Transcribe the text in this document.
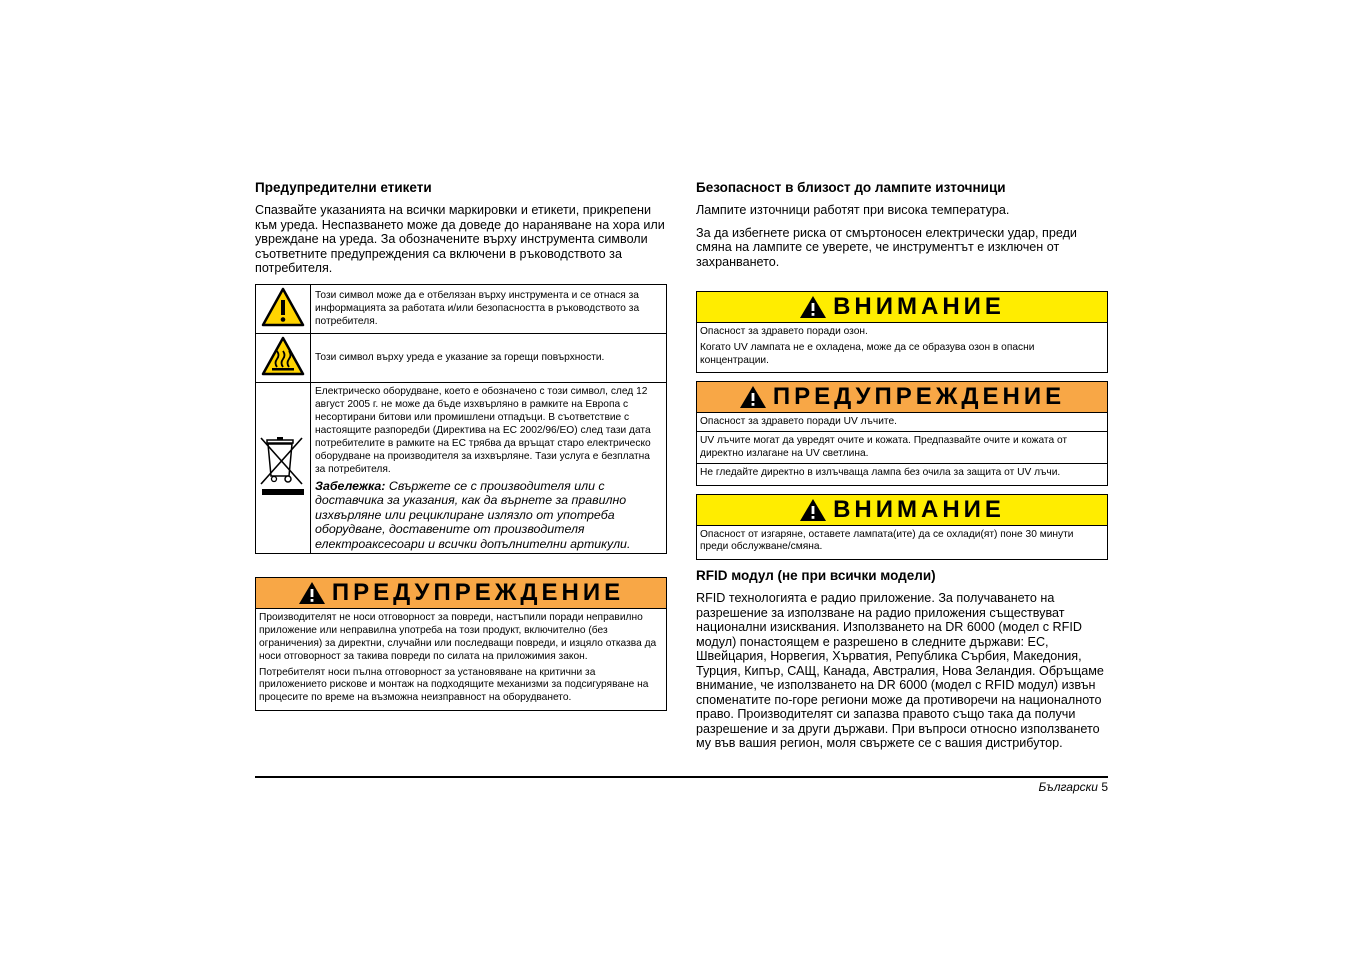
Предупредителни етикети

Спазвайте указанията на всички маркировки и етикети, прикрепени към уреда. Неспазването може да доведе до нараняване на хора или увреждане на уреда. За обозначените върху инструмента символи съответните предупреждения са включени в ръководството за потребителя.

	Този символ може да е отбелязан върху инструмента и се отнася за информацията за работата и/или безопасността в ръководството за потребителя.
	Този символ върху уреда е указание за горещи повърхности.

Електрическо оборудване, което е обозначено с този символ, след 12 август 2005 г. не може да бъде изхвърляно в рамките на Европа с несортирани битови или промишлени отпадъци. В съответствие с настоящите разпоредби (Директива на ЕС 2002/96/EO) след тази дата потребителите в рамките на ЕС трябва да връщат старо електрическо оборудване на производителя за изхвърляне. Тази услуга е безплатна за потребителя.
Забележка: Свържете се с производителя или с доставчика за указания, как да върнете за правилно изхвърляне или рециклиране излязло от употреба оборудване, доставените от производителя електроаксесоари и всички допълнителни артикули.
ПРЕДУПРЕЖДЕНИЕ

Производителят не носи отговорност за повреди, настъпили поради неправилно приложение или неправилна употреба на този продукт, включително (без ограничения) за директни, случайни или последващи повреди, и изцяло отказва да носи отговорност за такива повреди по силата на приложимия закон.

Потребителят носи пълна отговорност за установяване на критични за приложението рискове и монтаж на подходящите механизми за подсигуряване на процесите по време на възможна неизправност на оборудването.

Безопасност в близост до лампите източници

Лампите източници работят при висока температура.

За да избегнете риска от смъртоносен електрически удар, преди смяна на лампите се уверете, че инструментът е изключен от захранването.

ВНИМАНИЕ

Опасност за здравето поради озон.

Когато UV лампата не е охладена, може да се образува озон в опасни концентрации.

ПРЕДУПРЕЖДЕНИЕ

Опасност за здравето поради UV лъчите.

UV лъчите могат да увредят очите и кожата. Предпазвайте очите и кожата от директно излагане на UV светлина.

Не гледайте директно в излъчваща лампа без очила за защита от UV лъчи.

ВНИМАНИЕ

Опасност от изгаряне, оставете лампата(ите) да се охлади(ят) поне 30 минути преди обслужване/смяна.

RFID модул (не при всички модели)

RFID технологията е радио приложение. За получаването на разрешение за използване на радио приложения съществуват национални изисквания. Използването на DR 6000 (модел с RFID модул) понастоящем е разрешено в следните държави: ЕС, Швейцария, Норвегия, Хърватия, Република Сърбия, Македония, Турция, Кипър, САЩ, Канада, Австралия, Нова Зеландия. Обръщаме внимание, че използването на DR 6000 (модел с RFID модул) извън споменатите по-горе региони може да противоречи на националното право. Производителят си запазва правото също така да получи разрешение и за други държави. При въпроси относно използването му във вашия регион, моля свържете се с вашия дистрибутор.

Български 5
